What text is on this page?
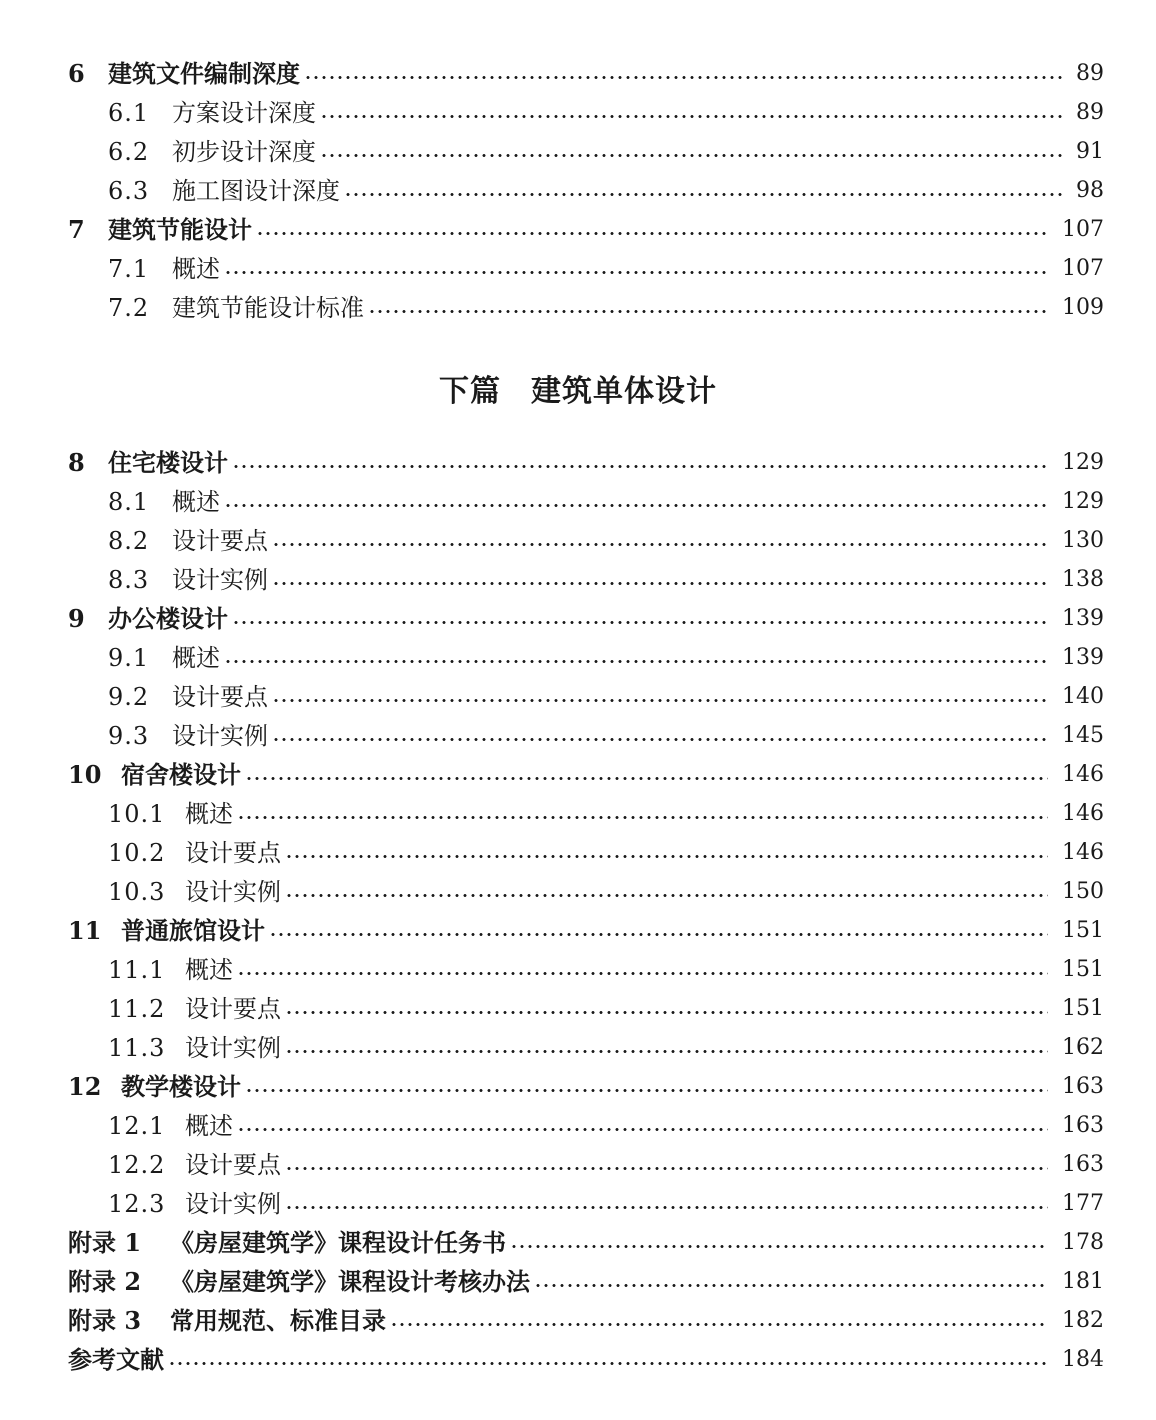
6 建筑文件编制深度	89
6.1 方案设计深度	89
6.2 初步设计深度	91
6.3 施工图设计深度	98
7 建筑节能设计	107
7.1 概述	107
7.2 建筑节能设计标准	109
下篇 建筑单体设计
8 住宅楼设计	129
8.1 概述	129
8.2 设计要点	130
8.3 设计实例	138
9 办公楼设计	139
9.1 概述	139
9.2 设计要点	140
9.3 设计实例	145
10 宿舍楼设计	146
10.1 概述	146
10.2 设计要点	146
10.3 设计实例	150
11 普通旅馆设计	151
11.1 概述	151
11.2 设计要点	151
11.3 设计实例	162
12 教学楼设计	163
12.1 概述	163
12.2 设计要点	163
12.3 设计实例	177
附录 1	《房屋建筑学》课程设计任务书	178
附录 2	《房屋建筑学》课程设计考核办法	181
附录 3	常用规范、标准目录	182
参考文献	184
